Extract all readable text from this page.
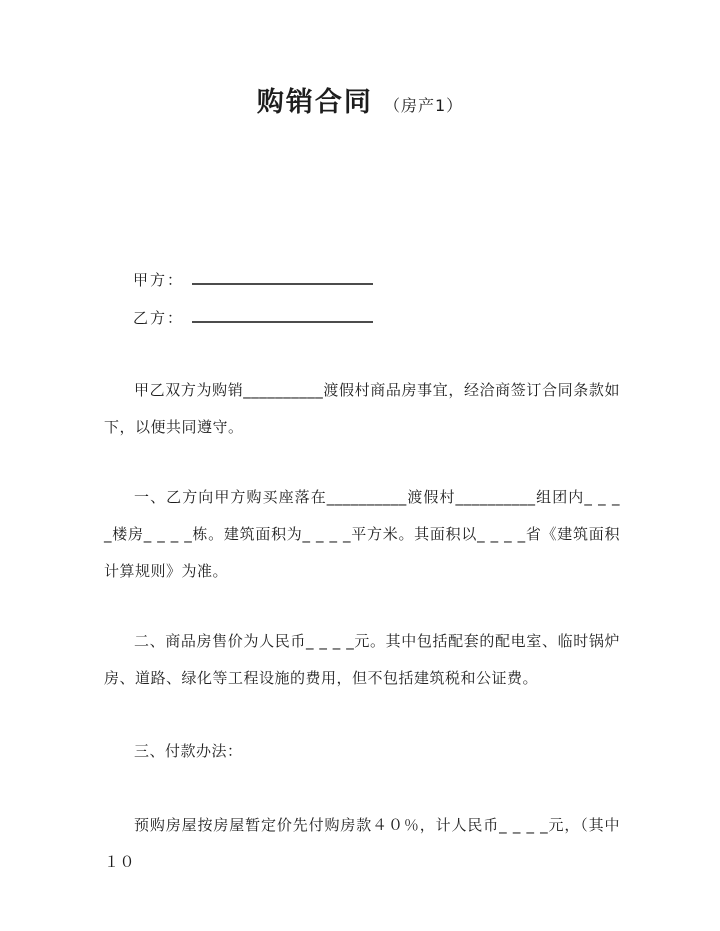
购销合同 （房产1）
甲方：
乙方：

甲乙双方为购销__________渡假村商品房事宜，经洽商签订合同条款如下，以便共同遵守。

一、乙方向甲方购买座落在__________渡假村__________组团内_ _ _ _楼房_ _ _ _栋。建筑面积为_ _ _ _平方米。其面积以_ _ _ _省《建筑面积计算规则》为准。

二、商品房售价为人民币_ _ _ _元。其中包括配套的配电室、临时锅炉房、道路、绿化等工程设施的费用，但不包括建筑税和公证费。

三、付款办法：

预购房屋按房屋暂定价先付购房款４０％，计人民币_ _ _ _元，（其中１０
